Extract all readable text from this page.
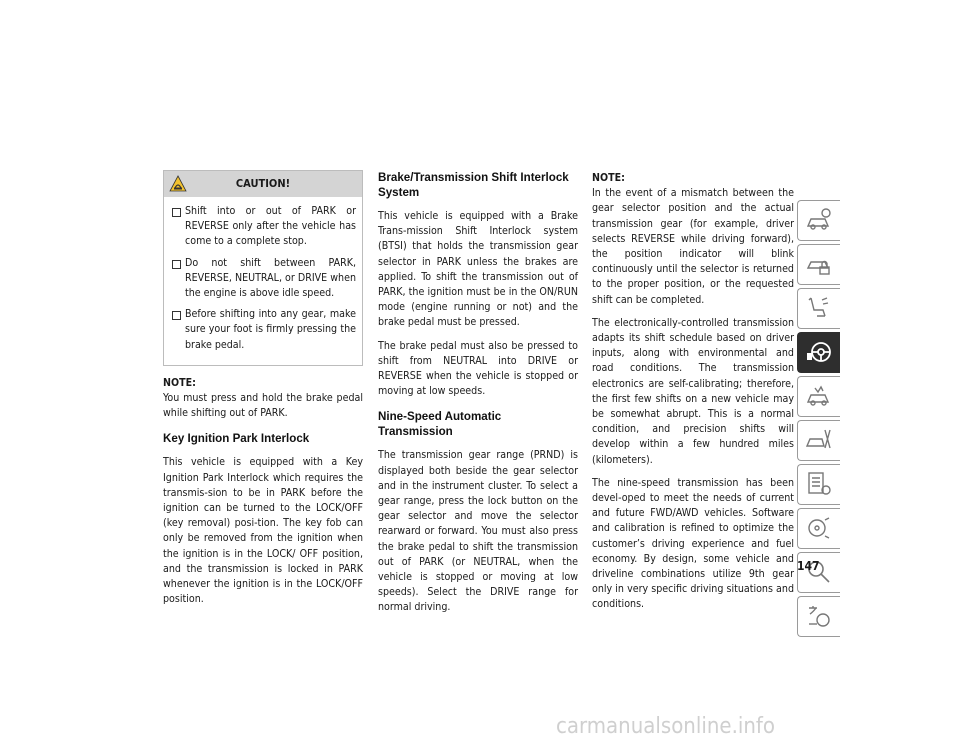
CAUTION!
Shift into or out of PARK or REVERSE only after the vehicle has come to a complete stop.
Do not shift between PARK, REVERSE, NEUTRAL, or DRIVE when the engine is above idle speed.
Before shifting into any gear, make sure your foot is firmly pressing the brake pedal.
NOTE:

You must press and hold the brake pedal while shifting out of PARK.

Key Ignition Park Interlock

This vehicle is equipped with a Key Ignition Park Interlock which requires the transmis-sion to be in PARK before the ignition can be turned to the LOCK/OFF (key removal) posi-tion. The key fob can only be removed from the ignition when the ignition is in the LOCK/ OFF position, and the transmission is locked in PARK whenever the ignition is in the LOCK/OFF position.

Brake/Transmission Shift Interlock System

This vehicle is equipped with a Brake Trans-mission Shift Interlock system (BTSI) that holds the transmission gear selector in PARK unless the brakes are applied. To shift the transmission out of PARK, the ignition must be in the ON/RUN mode (engine running or not) and the brake pedal must be pressed.

The brake pedal must also be pressed to shift from NEUTRAL into DRIVE or REVERSE when the vehicle is stopped or moving at low speeds.

Nine-Speed Automatic Transmission

The transmission gear range (PRND) is displayed both beside the gear selector and in the instrument cluster. To select a gear range, press the lock button on the gear selector and move the selector rearward or forward. You must also press the brake pedal to shift the transmission out of PARK (or NEUTRAL, when the vehicle is stopped or moving at low speeds). Select the DRIVE range for normal driving.

NOTE:

In the event of a mismatch between the gear selector position and the actual transmission gear (for example, driver selects REVERSE while driving forward), the position indicator will blink continuously until the selector is returned to the proper position, or the requested shift can be completed.

The electronically-controlled transmission adapts its shift schedule based on driver inputs, along with environmental and road conditions. The transmission electronics are self-calibrating; therefore, the first few shifts on a new vehicle may be somewhat abrupt. This is a normal condition, and precision shifts will develop within a few hundred miles (kilometers).

The nine-speed transmission has been devel-oped to meet the needs of current and future FWD/AWD vehicles. Software and calibration is refined to optimize the customer’s driving experience and fuel economy. By design, some vehicle and driveline combinations utilize 9th gear only in very specific driving situations and conditions.

147
carmanualsonline.info
